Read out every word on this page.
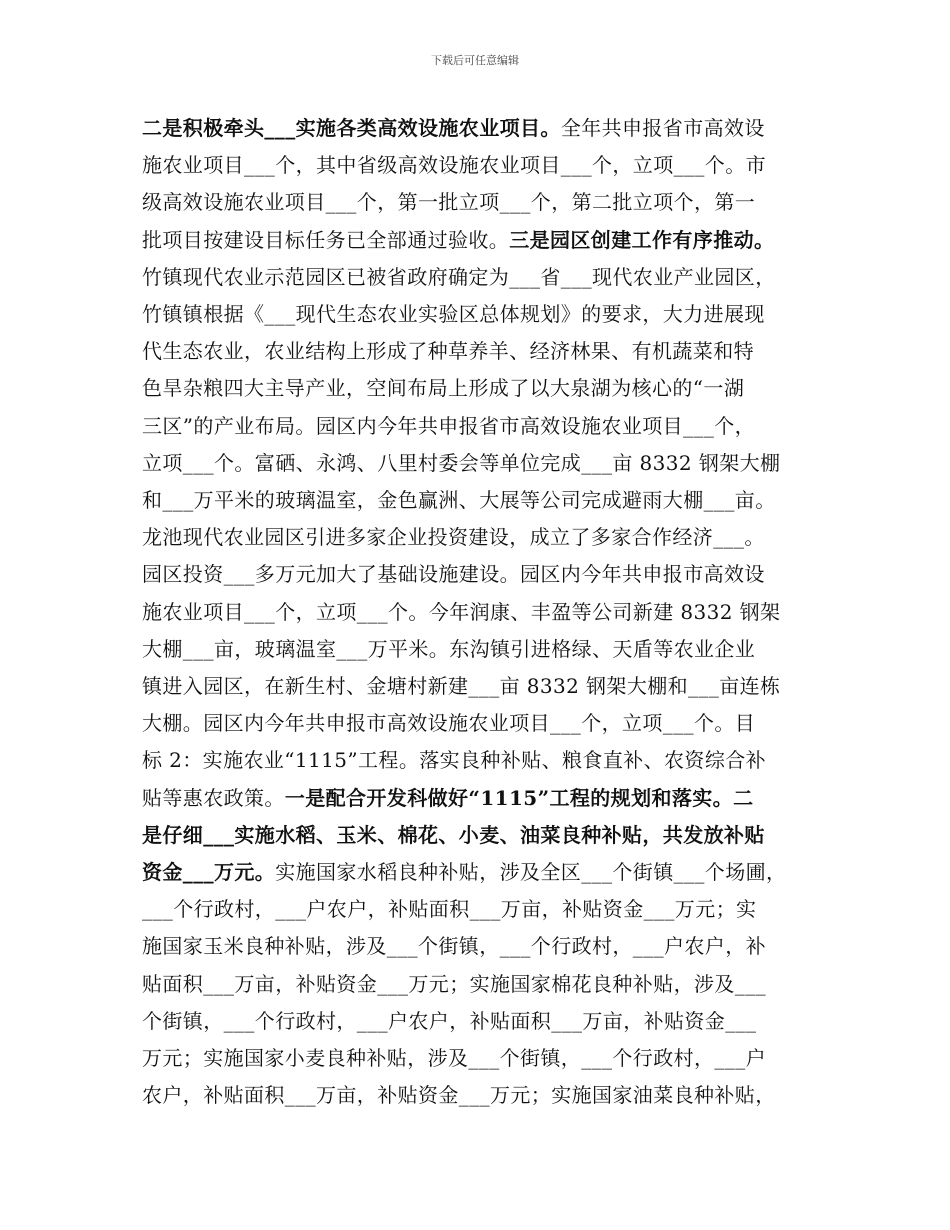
下载后可任意编辑
二是积极牵头___实施各类高效设施农业项目。全年共申报省市高效设
施农业项目___个，其中省级高效设施农业项目___个，立项___个。市
级高效设施农业项目___个，第一批立项___个，第二批立项个，第一
批项目按建设目标任务已全部通过验收。三是园区创建工作有序推动。
竹镇现代农业示范园区已被省政府确定为___省___现代农业产业园区，
竹镇镇根据《___现代生态农业实验区总体规划》的要求，大力进展现
代生态农业，农业结构上形成了种草养羊、经济林果、有机蔬菜和特
色旱杂粮四大主导产业，空间布局上形成了以大泉湖为核心的“一湖
三区”的产业布局。园区内今年共申报省市高效设施农业项目___个，
立项___个。富硒、永鸿、八里村委会等单位完成___亩 8332 钢架大棚
和___万平米的玻璃温室，金色赢洲、大展等公司完成避雨大棚___亩。
龙池现代农业园区引进多家企业投资建设，成立了多家合作经济___。
园区投资___多万元加大了基础设施建设。园区内今年共申报市高效设
施农业项目___个，立项___个。今年润康、丰盈等公司新建 8332 钢架
大棚___亩，玻璃温室___万平米。东沟镇引进格绿、天盾等农业企业
镇进入园区，在新生村、金塘村新建___亩 8332 钢架大棚和___亩连栋
大棚。园区内今年共申报市高效设施农业项目___个，立项___个。目
标 2：实施农业“1115”工程。落实良种补贴、粮食直补、农资综合补
贴等惠农政策。一是配合开发科做好“1115”工程的规划和落实。二
是仔细___实施水稻、玉米、棉花、小麦、油菜良种补贴，共发放补贴
资金___万元。实施国家水稻良种补贴，涉及全区___个街镇___个场圃，
___个行政村，___户农户，补贴面积___万亩，补贴资金___万元；实
施国家玉米良种补贴，涉及___个街镇，___个行政村，___户农户，补
贴面积___万亩，补贴资金___万元；实施国家棉花良种补贴，涉及___
个街镇，___个行政村，___户农户，补贴面积___万亩，补贴资金___
万元；实施国家小麦良种补贴，涉及___个街镇，___个行政村，___户
农户，补贴面积___万亩，补贴资金___万元；实施国家油菜良种补贴，
